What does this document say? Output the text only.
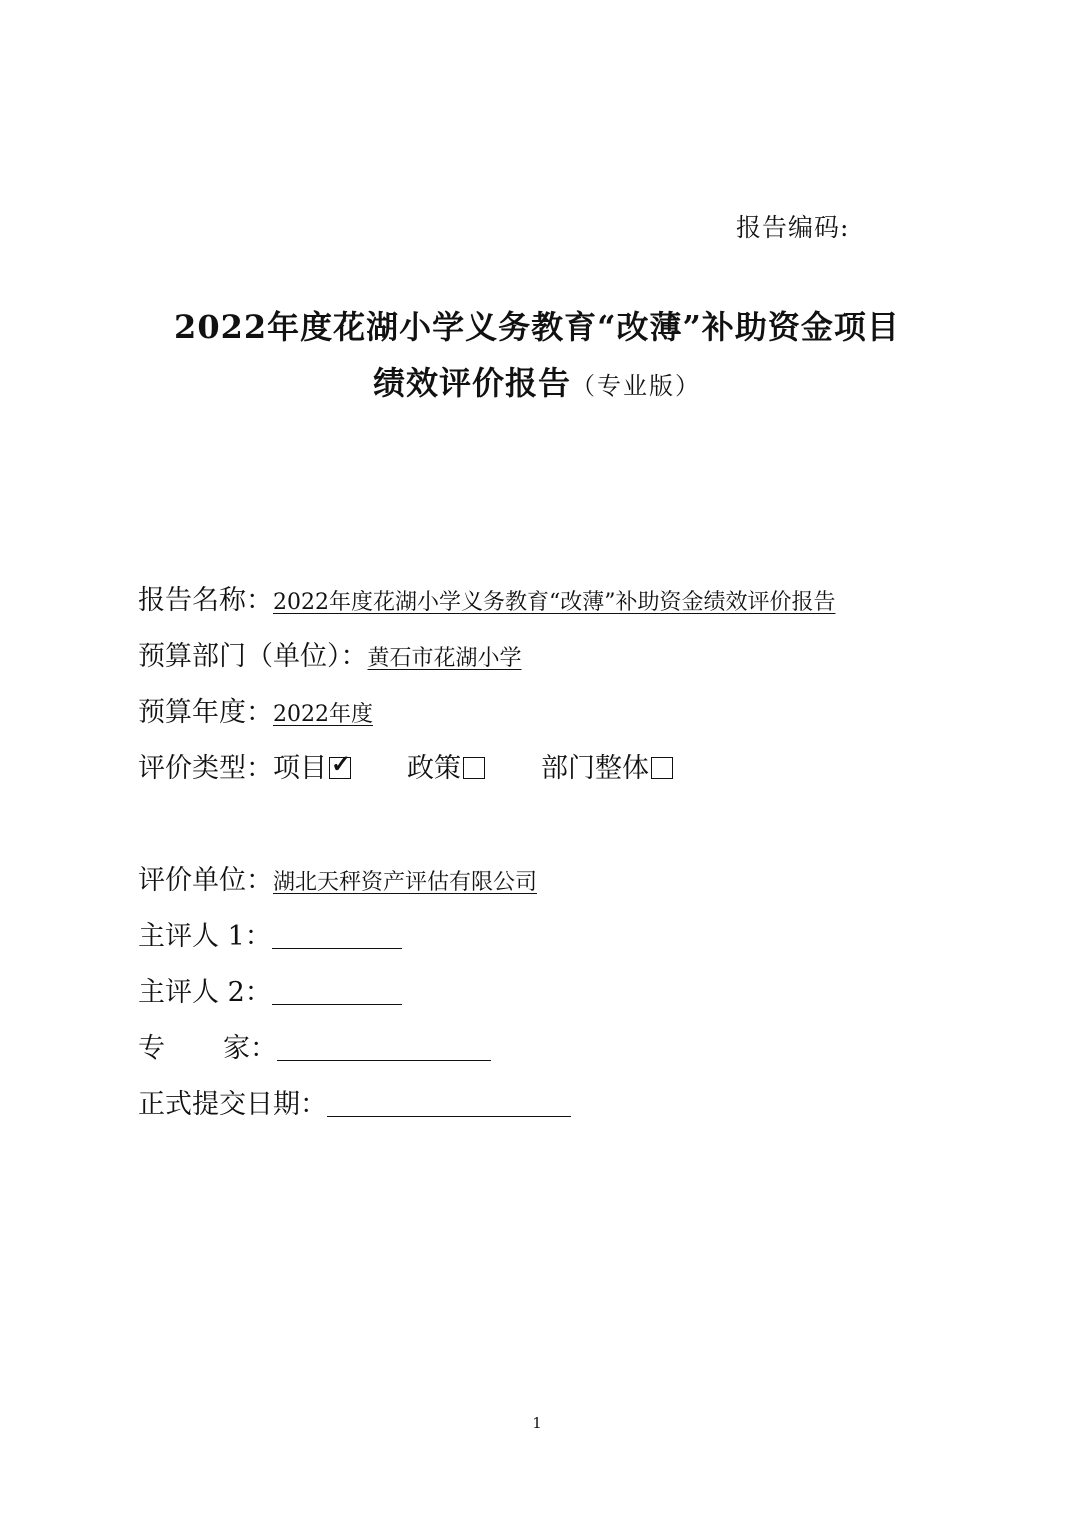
报告编码:
2022年度花湖小学义务教育“改薄”补助资金项目
绩效评价报告（专业版）
报告名称：2022年度花湖小学义务教育“改薄”补助资金绩效评价报告
预算部门（单位）：黄石市花湖小学
预算年度：2022年度
评价类型：项目 ✓ 政策	部门整体
评价单位：湖北天秤资产评估有限公司
主评人 1：
主评人 2：
专 家：
正式提交日期：
1
